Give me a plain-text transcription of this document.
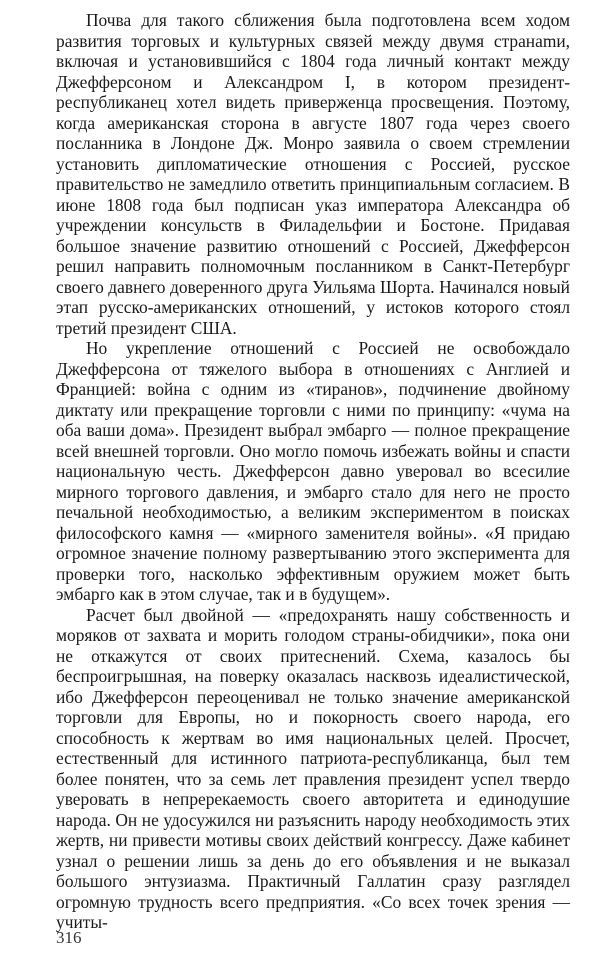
Почва для такого сближения была подготовлена всем ходом развития торговых и культурных связей между двумя странаmи, включая и установившийся с 1804 года личный контакт между Джефферсоном и Александром I, в котором президент-республиканец хотел видеть приверженца просвещения. Поэтому, когда американская сторона в августе 1807 года через своего посланника в Лондоне Дж. Монро заявила о своем стремлении установить дипломатические отношения с Россией, русское правительство не замедлило ответить принципиальным согласием. В июне 1808 года был подписан указ императора Александра об учреждении консульств в Филадельфии и Бостоне. Придавая большое значение развитию отношений с Россией, Джефферсон решил направить полномочным посланником в Санкт-Петербург своего давнего доверенного друга Уильяма Шорта. Начинался новый этап русско-американских отношений, у истоков которого стоял третий президент США.

Но укрепление отношений с Россией не освобождало Джефферсона от тяжелого выбора в отношениях с Англией и Францией: война с одним из «тиранов», подчинение двойному диктату или прекращение торговли с ними по принципу: «чума на оба ваши дома». Президент выбрал эмбарго — полное прекращение всей внешней торговли. Оно могло помочь избежать войны и спасти национальную честь. Джефферсон давно уверовал во всесилие мирного торгового давления, и эмбарго стало для него не просто печальной необходимостью, а великим экспериментом в поисках философского камня — «мирного заменителя войны». «Я придаю огромное значение полному развертыванию этого эксперимента для проверки того, насколько эффективным оружием может быть эмбарго как в этом случае, так и в будущем».

Расчет был двойной — «предохранять нашу собственность и моряков от захвата и морить голодом страны-обидчики», пока они не откажутся от своих притеснений. Схема, казалось бы беспроигрышная, на поверку оказалась насквозь идеалистической, ибо Джефферсон переоценивал не только значение американской торговли для Европы, но и покорность своего народа, его способность к жертвам во имя национальных целей. Просчет, естественный для истинного патриота-республиканца, был тем более понятен, что за семь лет правления президент успел твердо уверовать в непререкаемость своего авторитета и единодушие народа. Он не удосужился ни разъяснить народу необходимость этих жертв, ни привести мотивы своих действий конгрессу. Даже кабинет узнал о решении лишь за день до его объявления и не выказал большого энтузиазма. Практичный Галлатин сразу разглядел огромную трудность всего предприятия. «Со всех точек зрения — учиты-

316
